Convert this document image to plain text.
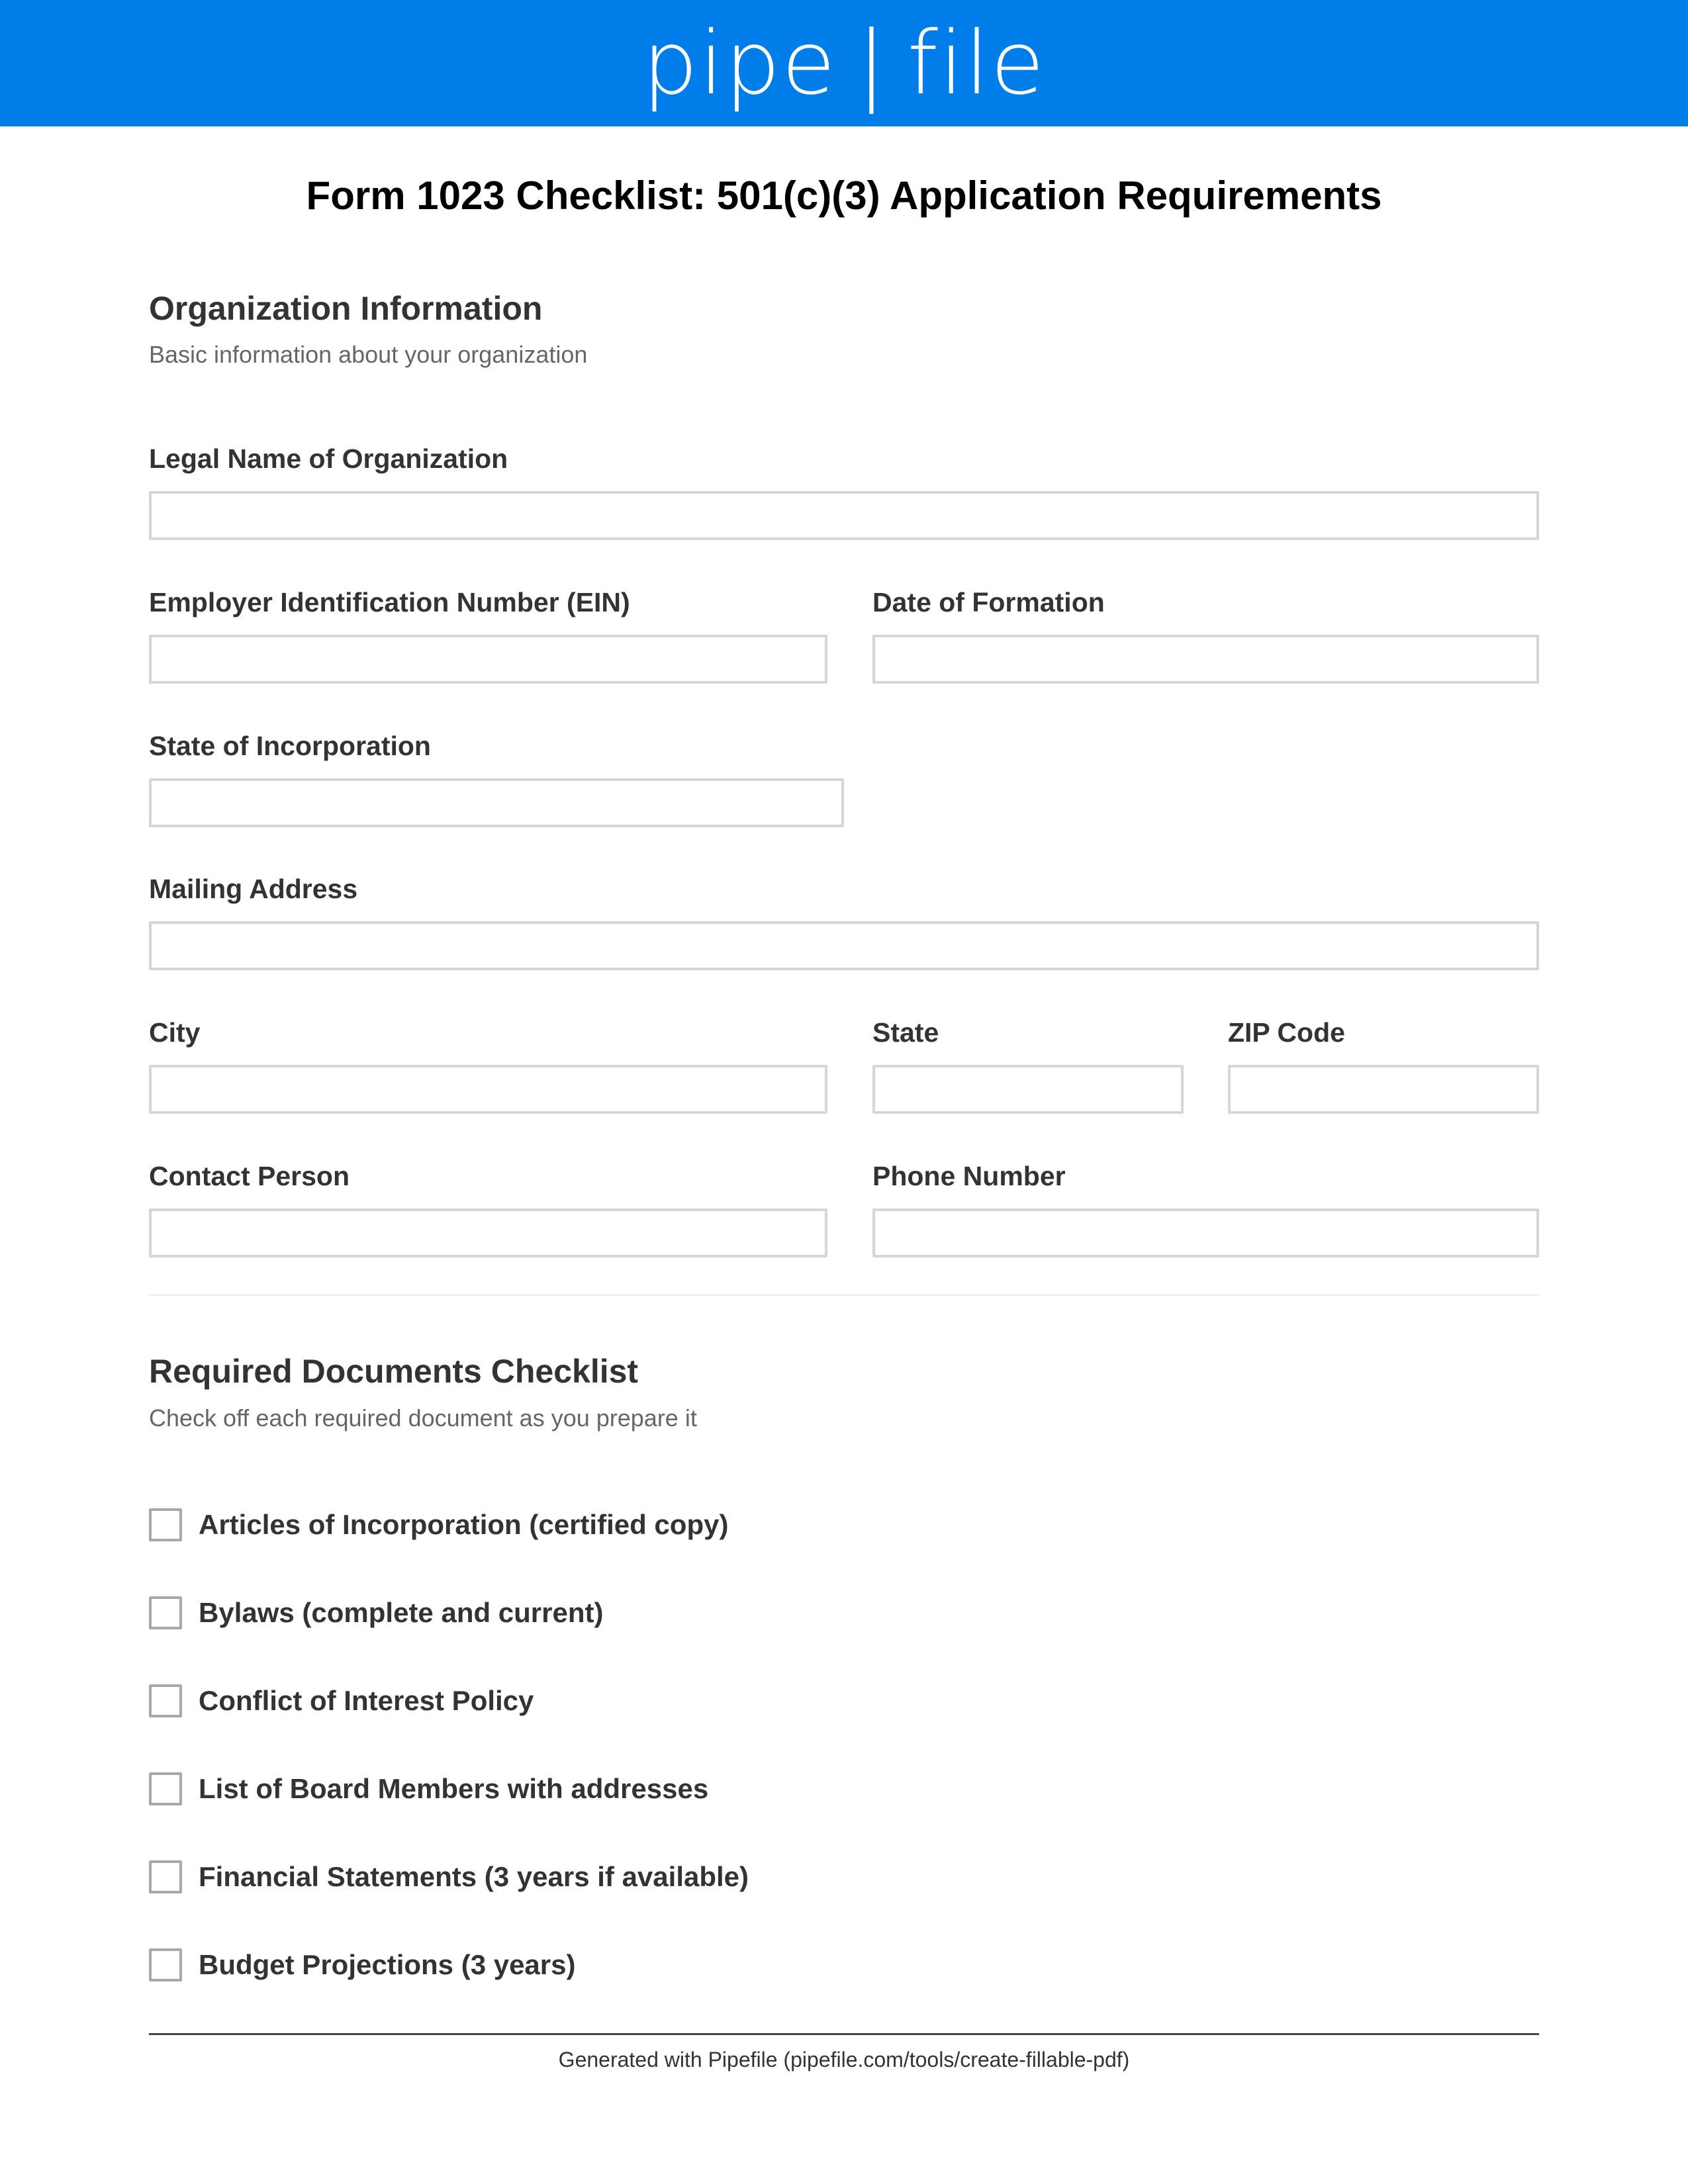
pipe | file
Form 1023 Checklist: 501(c)(3) Application Requirements
Organization Information
Basic information about your organization
Legal Name of Organization
Employer Identification Number (EIN)	Date of Formation
State of Incorporation
Mailing Address
City	State	ZIP Code
Contact Person	Phone Number
Required Documents Checklist
Check off each required document as you prepare it
Articles of Incorporation (certified copy)
Bylaws (complete and current)
Conflict of Interest Policy
List of Board Members with addresses
Financial Statements (3 years if available)
Budget Projections (3 years)
Generated with Pipefile (pipefile.com/tools/create-fillable-pdf)
